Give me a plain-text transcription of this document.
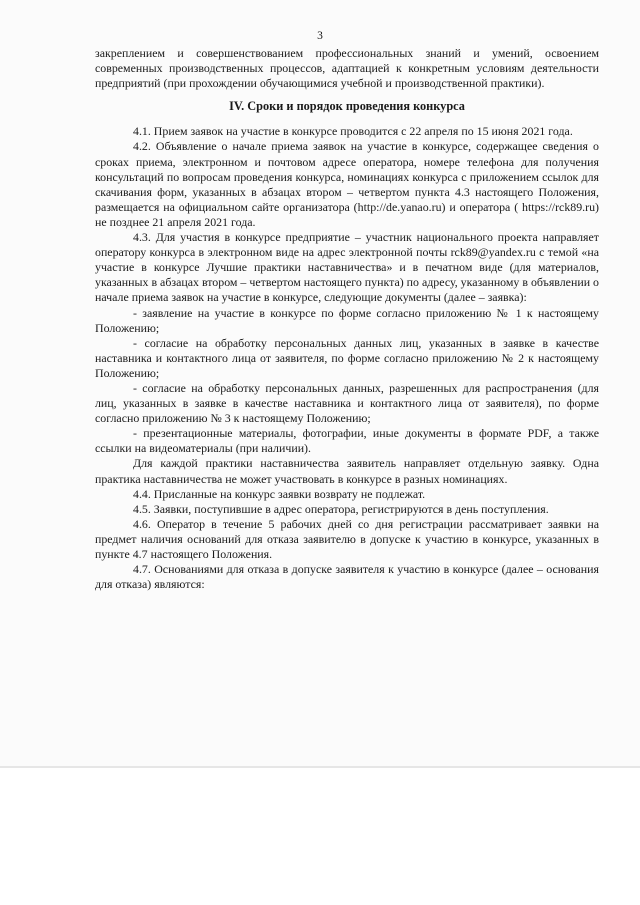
3

закреплением и совершенствованием профессиональных знаний и умений, освоением современных производственных процессов, адаптацией к конкретным условиям деятельности предприятий (при прохождении обучающимися учебной и производственной практики).

IV. Сроки и порядок проведения конкурса

4.1. Прием заявок на участие в конкурсе проводится с 22 апреля по 15 июня 2021 года.

4.2. Объявление о начале приема заявок на участие в конкурсе, содержащее сведения о сроках приема, электронном и почтовом адресе оператора, номере телефона для получения консультаций по вопросам проведения конкурса, номинациях конкурса с приложением ссылок для скачивания форм, указанных в абзацах втором – четвертом пункта 4.3 настоящего Положения, размещается на официальном сайте организатора (http://de.yanao.ru) и оператора ( https://rck89.ru) не позднее 21 апреля 2021 года.

4.3. Для участия в конкурсе предприятие – участник национального проекта направляет оператору конкурса в электронном виде на адрес электронной почты rck89@yandex.ru с темой «на участие в конкурсе Лучшие практики наставничества» и в печатном виде (для материалов, указанных в абзацах втором – четвертом настоящего пункта) по адресу, указанному в объявлении о начале приема заявок на участие в конкурсе, следующие документы (далее – заявка):

- заявление на участие в конкурсе по форме согласно приложению № 1 к настоящему Положению;

- согласие на обработку персональных данных лиц, указанных в заявке в качестве наставника и контактного лица от заявителя, по форме согласно приложению № 2 к настоящему Положению;

- согласие на обработку персональных данных, разрешенных для распространения (для лиц, указанных в заявке в качестве наставника и контактного лица от заявителя), по форме согласно приложению № 3 к настоящему Положению;

- презентационные материалы, фотографии, иные документы в формате PDF, а также ссылки на видеоматериалы (при наличии).

Для каждой практики наставничества заявитель направляет отдельную заявку. Одна практика наставничества не может участвовать в конкурсе в разных номинациях.

4.4. Присланные на конкурс заявки возврату не подлежат.

4.5. Заявки, поступившие в адрес оператора, регистрируются в день поступления.

4.6. Оператор в течение 5 рабочих дней со дня регистрации рассматривает заявки на предмет наличия оснований для отказа заявителю в допуске к участию в конкурсе, указанных в пункте 4.7 настоящего Положения.

4.7. Основаниями для отказа в допуске заявителя к участию в конкурсе (далее – основания для отказа) являются:
